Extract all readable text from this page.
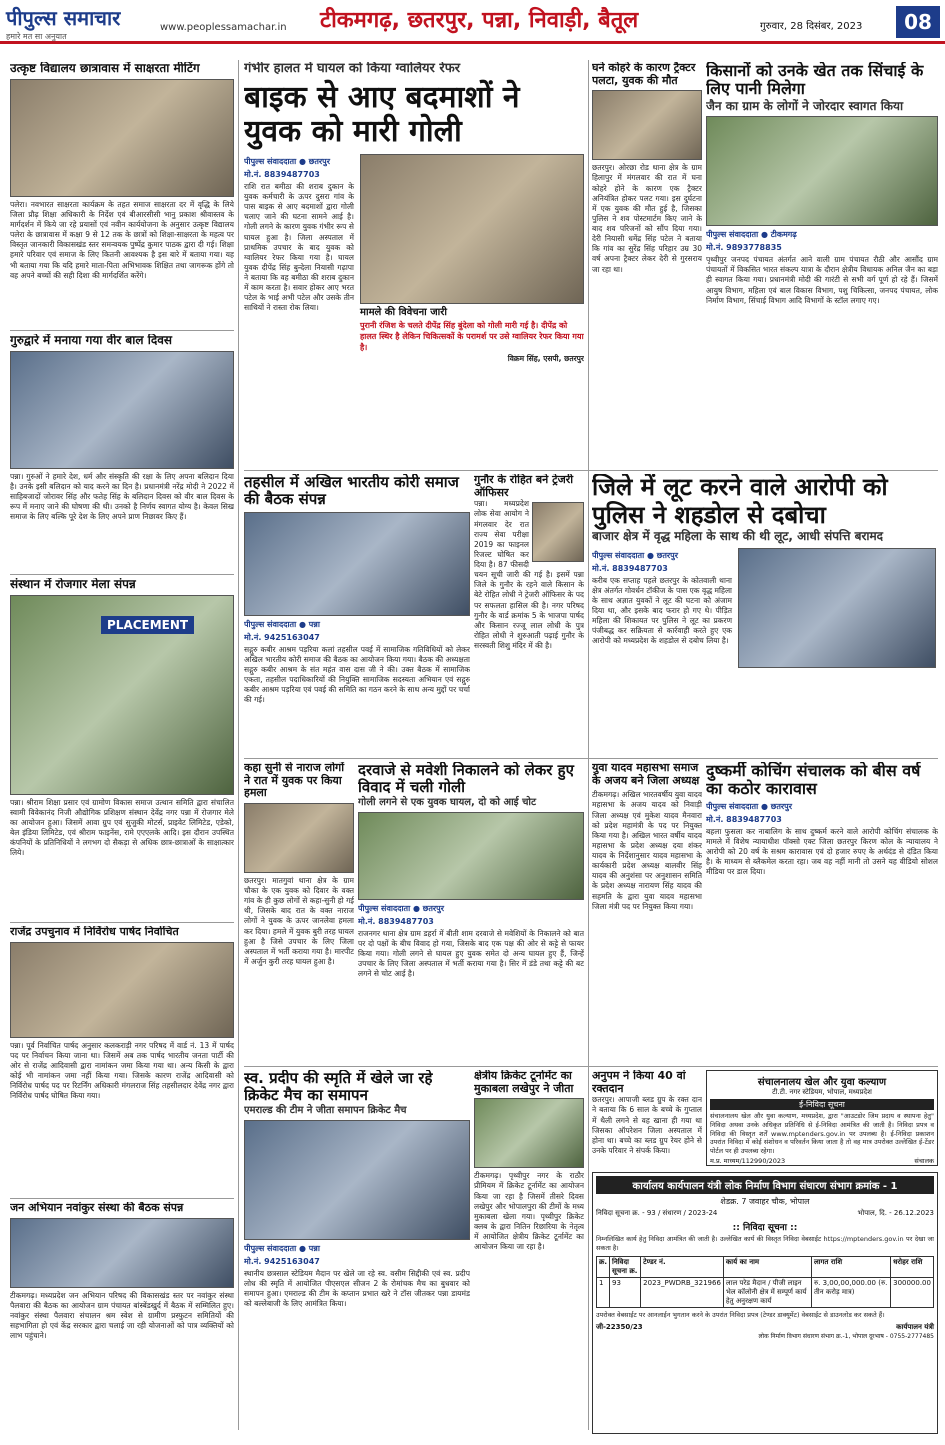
पीपुल्स समाचार
हमारे मत सा अनुयात
www.peoplessamachar.in टीकमगढ़, छतरपुर, पन्ना, निवाड़ी, बैतूल	गुरुवार, 28 दिसंबर, 2023	08
उत्कृष्ट विद्यालय छात्रावास में साक्षरता मीटिंग
पलेरा। नवभारत साक्षरता कार्यक्रम के तहत समाज साक्षरता दर में वृद्धि के लिये जिला प्रौढ़ शिक्षा अधिकारी के निर्देश एवं बीआरसीसी भानु प्रकाश श्रीवास्तव के मार्गदर्शन में किये जा रहे प्रयासों एवं नवीन कार्ययोजना के अनुसार उत्कृष्ट विद्यालय पलेरा के छात्रावास में कक्षा 9 से 12 तक के छात्रों को शिक्षा-साक्षरता के महत्व पर विस्तृत जानकारी विकासखंड स्तर समन्वयक पुष्पेंद्र कुमार पाठक द्वारा दी गई। शिक्षा हमारे परिवार एवं समाज के लिए कितनी आवश्यक है इस बारे में बताया गया। यह भी बताया गया कि यदि हमारे माता-पिता अभिभावक शिक्षित तथा जागरूक होंगे तो वह अपने बच्चों की सही दिशा की मार्गदर्शित करेंगे।
गुरुद्वारे में मनाया गया वीर बाल दिवस
पन्ना। गुरुओं ने हमारे देश, धर्म और संस्कृति की रक्षा के लिए अपना बलिदान दिया है। उनके इसी बलिदान को याद करने का दिन है। प्रधानमंत्री नरेंद्र मोदी ने 2022 में साहिबजादों जोरावर सिंह और फतेह सिंह के बलिदान दिवस को वीर बाल दिवस के रूप में मनाए जाने की घोषणा की थी। उनको है निर्णय स्वागत योग्य है। केवल सिख समाज के लिए बल्कि पूरे देश के लिए अपने प्राण निछावर किए हैं।
संस्थान में रोजगार मेला संपन्न
PLACEMENT
पन्ना। श्रीराम शिक्षा प्रसार एवं ग्रामोण विकास समाज उत्थान समिति द्वारा संचालित स्वामी विवेकानंद निजी औद्योगिक प्रशिक्षण संस्थान देवेंद्र नगर पन्ना में रोजगार मेले का आयोजन हुआ। जिसमें आवा ग्रुप एवं सुजुकी मोटर्स, प्राइवेट लिमिटेड, एडेको, बेल इंडिया लिमिटेड, एवं श्रीराम फाइनेंस, रामे एएएलके आदि। इस दौरान उपस्थित कंपनियों के प्रतिनिधियों ने लगभग दो सैकड़ा से अधिक छात्र-छात्राओं के साक्षात्कार लिये।
राजेंद्र उपचुनाव में निर्विरोध पार्षद निर्वाचित
पन्ना। पूर्व निर्वाचित पार्षद अनुसार कलकराड़ी नगर परिषद में वार्ड नं. 13 में पार्षद पद पर निर्वाचन किया जाना था। जिसमें अब तक पार्षद भारतीय जनता पार्टी की ओर से राजेंद्र आदिवासी द्वारा नामांकन जमा किया गया था। अन्य किसी के द्वारा कोई भी नामांकन जमा नहीं किया गया। जिसके कारण राजेंद्र आदिवासी को निर्विरोध पार्षद पद पर रिटर्निंग अधिकारी मंगलराज सिंह तहसीलदार देवेंद्र नगर द्वारा निर्विरोध पार्षद घोषित किया गया।
जन अभियान नवांकुर संस्था की बैठक संपन्न
टीकमगढ़। मध्यप्रदेश जन अभियान परिषद की विकासखंड स्तर पर नवांकुर संस्था पैलवारा की बैठक का आयोजन ग्राम पंचायत बांस्बेंडखुर्द में बैठक में सम्मिलित हुए। नवांकुर संस्था पैलवारा संचालन श्रम स्वेश से ग्रामीण प्रस्फुटन समितियों की सहभागिता हो एवं केंद्र सरकार द्वारा चलाई जा रही योजनाओं को पात्र व्यक्तियों को लाभ पहुंचाने।
गंभीर हालत में घायल को किया ग्वालियर रेफर
बाइक से आए बदमाशों ने युवक को मारी गोली
पीपुल्स संवाददाता ● छतरपुर
मो.नं. 8839487703
राशि रात बमीठा की शराब दुकान के युवक कर्मचारी के ऊपर दुसरा गांव के पास बाइक से आए बदमाशों द्वारा गोली चलाए जाने की घटना सामने आई है। गोली लगने के कारण युवक गंभीर रूप से घायल हुआ है। जिला अस्पताल में प्राथमिक उपचार के बाद युवक को ग्वालियर रेफर किया गया है। घायल युवक दीपेंद्र सिंह बुन्देला नियासी गढ़ापा ने बताया कि वह बमीठा की शराब दुकान में काम करता है। सवार होकर आए भरत पटेल के भाई अभी पटेल और उसके तीन साथियों ने रास्ता रोक लिया।	मामले की विवेचना जारी
पुरानी रंजिश के चलते दीपेंद्र सिंह बुंदेला को गोली मारी गई है। दीपेंद्र को हालत स्थिर है लेकिन चिकित्सकों के परामर्श पर उसे ग्वालियर रेफर किया गया है।
विक्रम सिंह, एसपी, छतरपुर
घने कोहरे के कारण ट्रैक्टर पलटा, युवक की मौत
छतरपुर। ओरछा रोड थाना क्षेत्र के ग्राम हिलापुर में मंगलवार की रात में घना कोहरे होने के कारण एक ट्रैक्टर अनियंत्रित होकर पलट गया। इस दुर्घटना में एक युवक की मौत हुई है, जिसका पुलिस ने शव पोस्टमार्टम किए जाने के बाद शव परिजनों को सौंप दिया गया। देरी नियासी धमेंद्र सिंह पटेल ने बताया कि गांव का सुरेंद्र सिंह परिहार उम्र 30 वर्ष अपना ट्रैक्टर लेकर देरी से गुरसराय जा रहा था।
किसानों को उनके खेत तक सिंचाई के लिए पानी मिलेगा
जैन का ग्राम के लोगों ने जोरदार स्वागत किया
पीपुल्स संवाददाता ● टीकमगढ़
मो.नं. 9893778835
पृथ्वीपुर जनपद पंचायत अंतर्गत आने वाली ग्राम पंचायत रौठी और आसौंद ग्राम पंचायतों में विकसित भारत संकल्प यात्रा के दौरान क्षेत्रीय विधायक अनिल जैन का बड़ा ही स्वागत किया गया। प्रधानमंत्री मोदी की गारंटी से सभी वर्ग पूर्ण हो रहे हैं। जिसमें आयुष विभाग, महिला एवं बाल विकास विभाग, पशु चिकित्सा, जनपद पंचायत, लोक निर्माण विभाग, सिंचाई विभाग आदि विभागों के स्टॉल लगाए गए।
तहसील में अखिल भारतीय कोरी समाज की बैठक संपन्न
पीपुल्स संवाददाता ● पन्ना
मो.नं. 9425163047
सद्गुरु कबीर आश्रम पड़रिया कलां तहसील पवई में सामाजिक गतिविधियों को लेकर अखिल भारतीय कोरी समाज की बैठक का आयोजन किया गया। बैठक की अध्यक्षता सद्गुरु कबीर आश्रम के संत महंत वास दास जी ने की। उक्त बैठक में सामाजिक एकता, तहसील पदाधिकारियों की नियुक्ति सामाजिक सदस्यता अभियान एवं सद्गुरु कबीर आश्रम पड़रिया एवं पवई की समिति का गठन करने के साथ अन्य मुद्दों पर चर्चा की गई।
गुनौर के रोहित बने ट्रेजरी ऑफिसर
पन्ना। मध्यप्रदेश लोक सेवा आयोग ने मंगलवार देर रात राज्य सेवा परीक्षा 2019 का फाइनल रिजल्ट घोषित कर दिया है। 87 फीसदी चयन सूची जारी की गई है। इसमें पन्ना जिले के गुनौर के रहने वाले किसान के बेटे रोहित लोधी ने ट्रेजरी ऑफिसर के पद पर सफलता हासिल की है। नगर परिषद गुनौर के वार्ड क्रमांक 5 के भाजपा पार्षद और किसान रज्जू लाल लोधी के पुत्र रोहित लोधी ने शुरुआती पढ़ाई गुनौर के सरस्वती शिशु मंदिर में की है।
जिले में लूट करने वाले आरोपी को पुलिस ने शहडोल से दबोचा
बाजार क्षेत्र में वृद्ध महिला के साथ की थी लूट, आधी संपत्ति बरामद
पीपुल्स संवाददाता ● छतरपुर
मो.नं. 8839487703
करीब एक सप्ताह पहले छतरपुर के कोतवाली थाना क्षेत्र अंतर्गत गोवर्धन टॉकीज के पास एक वृद्ध महिला के साथ अज्ञात युवकों ने लूट की घटना को अंजाम दिया था, और इसके बाद फरार हो गए थे। पीड़ित महिला की शिकायत पर पुलिस ने लूट का प्रकरण पंजीबद्ध कर सक्रियता से कार्रवाही करते हुए एक आरोपी को मध्यप्रदेश के शहडोल से दबोच लिया है।
कहा सुनी से नाराज लोगों ने रात में युवक पर किया हमला
छतरपुर। मातगुवां थाना क्षेत्र के ग्राम चौका के एक युवक को दिवार के वक्त गांव के ही कुछ लोगों से कहा-सुनी हो गई थी, जिसके बाद रात के वक्त नाराज लोगों ने युवक के ऊपर जानलेवा हमला कर दिया। हमले में युवक बुरी तरह घायल हुआ है जिसे उपचार के लिए जिला अस्पताल में भर्ती कराया गया है। मारपीट में अर्जुन कुरी तरह घायल हुआ है।
दरवाजे से मवेशी निकालने को लेकर हुए विवाद में चली गोली
गोली लगने से एक युवक घायल, दो को आई चोट
पीपुल्स संवाददाता ● छतरपुर
मो.नं. 8839487703
राजनगर थाना क्षेत्र ग्राम डहर्रा में बीती शाम दरवाजे से मवेशियों के निकालने को बात पर दो पक्षों के बीच विवाद हो गया, जिसके बाद एक पक्ष की ओर से कट्टे से फायर किया गया। गोली लगने से घायल हुए युवक समेत दो अन्य घायल हुए हैं, जिन्हें उपचार के लिए जिला अस्पताल में भर्ती कराया गया है। सिर में डंडे तथा कट्टे की बट लगने से चोट आई है।
युवा यादव महासभा समाज के अजय बने जिला अध्यक्ष
टीकमगढ़। अखिल भारतवर्षीय युवा यादव महासभा के अजय यादव को निवाड़ी जिला अध्यक्ष एवं मुकेश यादव मैनवारा को प्रदेश महामंत्री के पद पर नियुक्त किया गया है। अखिल भारत वर्षीय यादव महासभा के प्रदेश अध्यक्ष दया शंकर यादव के निर्देशानुसार यादव महासभा के कार्यकारी प्रदेश अध्यक्ष बालवीर सिंह यादव की अनुशंसा पर अनुशासन समिति के प्रदेश अध्यक्ष नारायण सिंह यादव की सहमति के द्वारा युवा यादव महासभा जिला मंत्री पद पर नियुक्त किया गया।
दुष्कर्मी कोचिंग संचालक को बीस वर्ष का कठोर कारावास
पीपुल्स संवाददाता ● छतरपुर
मो.नं. 8839487703
बहला फुसला कर नाबालिग के साथ दुष्कर्म करने वाले आरोपी कोचिंग संचालक के मामले में विशेष न्यायाधीश पॉक्सो एक्ट जिला छतरपुर किरण कोल के न्यायालय ने आरोपी को 20 वर्ष के सश्रम कारावास एवं दो हजार रुपए के अर्थदंड से दंडित किया है। के माध्यम से ब्लैकमेल करता रहा। जब वह नहीं मानी तो उसने यह वीडियो सोशल मीडिया पर डाल दिया।
स्व. प्रदीप की स्मृति में खेले जा रहे क्रिकेट मैच का समापन
एमराल्ड की टीम ने जीता समापन क्रिकेट मैच
पीपुल्स संवाददाता ● पन्ना
मो.नं. 9425163047
स्थानीय छत्रसाल स्टेडियम मैदान पर खेले जा रहे स्व. वसीम सिद्दीकी एवं स्व. प्रदीप लोध की स्मृति में आयोजित पीएसएल सीजन 2 के रोमांचक मैच का बुधवार को समापन हुआ। एमराल्ड की टीम के कप्तान प्रभात खरे ने टॉस जीतकर पन्ना डायमंड को बल्लेबाजी के लिए आमंत्रित किया।
क्षेत्रीय क्रिकेट टूर्नामेंट का मुकाबला लखेपुर ने जीता
टीकमगढ़। पृथ्वीपुर नगर के राठौर प्रीमियम में क्रिकेट टूर्नामेंट का आयोजन किया जा रहा है जिसमें तीसरे दिवस लखेपुर और भोपालपुरा की टीमों के मध्य मुकाबला खेला गया। पृथ्वीपुर क्रिकेट क्लब के द्वारा नितिन रिछारिया के नेतृत्व में आयोजित क्षेत्रीय क्रिकेट टूर्नामेंट का आयोजन किया जा रहा है।
अनुपम ने किया 40 वां रक्तदान
छतरपुर। आपाजी ब्लड ग्रुप के रक्त दान ने बताया कि 6 साल के बच्चे के गुप्ताल में थैली लगने से वह खाना ही गया था जिसका ऑपरेशन जिला अस्पताल में होना था। बच्चे का ब्लड ग्रुप रेयर होने से उनके परिवार ने संपर्क किया।
संचालनालय खेल और युवा कल्याण
टी.टी. नगर स्टेडियम, भोपाल, मध्यप्रदेश
ई-निविदा सूचना
संचालनालय खेल और युवा कल्याण, मध्यप्रदेश, द्वारा "आउटडोर जिम प्रदाय व स्थापना हेतु" निविदा अथवा उनके अधिकृत प्रतिनिधि से ई-निविदा आमंत्रित की जाती है। निविदा प्रपत्र व निविदा की विस्तृत शर्तें www.mptenders.gov.in पर उपलब्ध है। ई-निविदा प्रकाशन उपरांत निविदा में कोई संशोधन व परिवर्तन किया जाता है तो वह मात्र उपरोक्त उल्लेखित ई-टेंडर पोर्टल पर ही उपलब्ध रहेगा।
म.प्र. माध्यम/112990/2023	संचालक
कार्यालय कार्यपालन यंत्री लोक निर्माण विभाग संधारण संभाग क्रमांक - 1
शेडक्र. 7 जवाहर चौक, भोपाल
निविदा सूचना क्र. - 93 / संधारण / 2023-24	भोपाल, दि. - 26.12.2023
:: निविदा सूचना ::
निम्नलिखित कार्य हेतु निविदा आमंत्रित की जाती है। उल्लेखित कार्य की विस्तृत निविदा वेबसाईट https://mptenders.gov.in पर देखा जा सकता है।
क्र.	निविदा सूचना क्र.	टेण्डर नं.	कार्य का नाम	लागत राशि	धरोहर राशि
1	93	2023_PWDRB_321966	लाल परेड मैदान / पीजी लाइन भेल कॉलोनी क्षेत्र में सम्पूर्ण कार्य हेतु अनुरक्षण कार्य	रु. 3,00,00,000.00 (रु. तीन करोड़ मात्र)	300000.00
उपरोक्त वेबसाईट पर आनलाईन भुगतान करने के उपरांत निविदा प्रपत्र (टेण्डर डाक्यूमेंट) वेबसाईट से डाउनलोड कर सकते हैं।
जी-22350/23	कार्यपालन यंत्री
लोक निर्माण विभाग संधारण संभाग क्र.-1, भोपाल दूरभाष - 0755-2777485
